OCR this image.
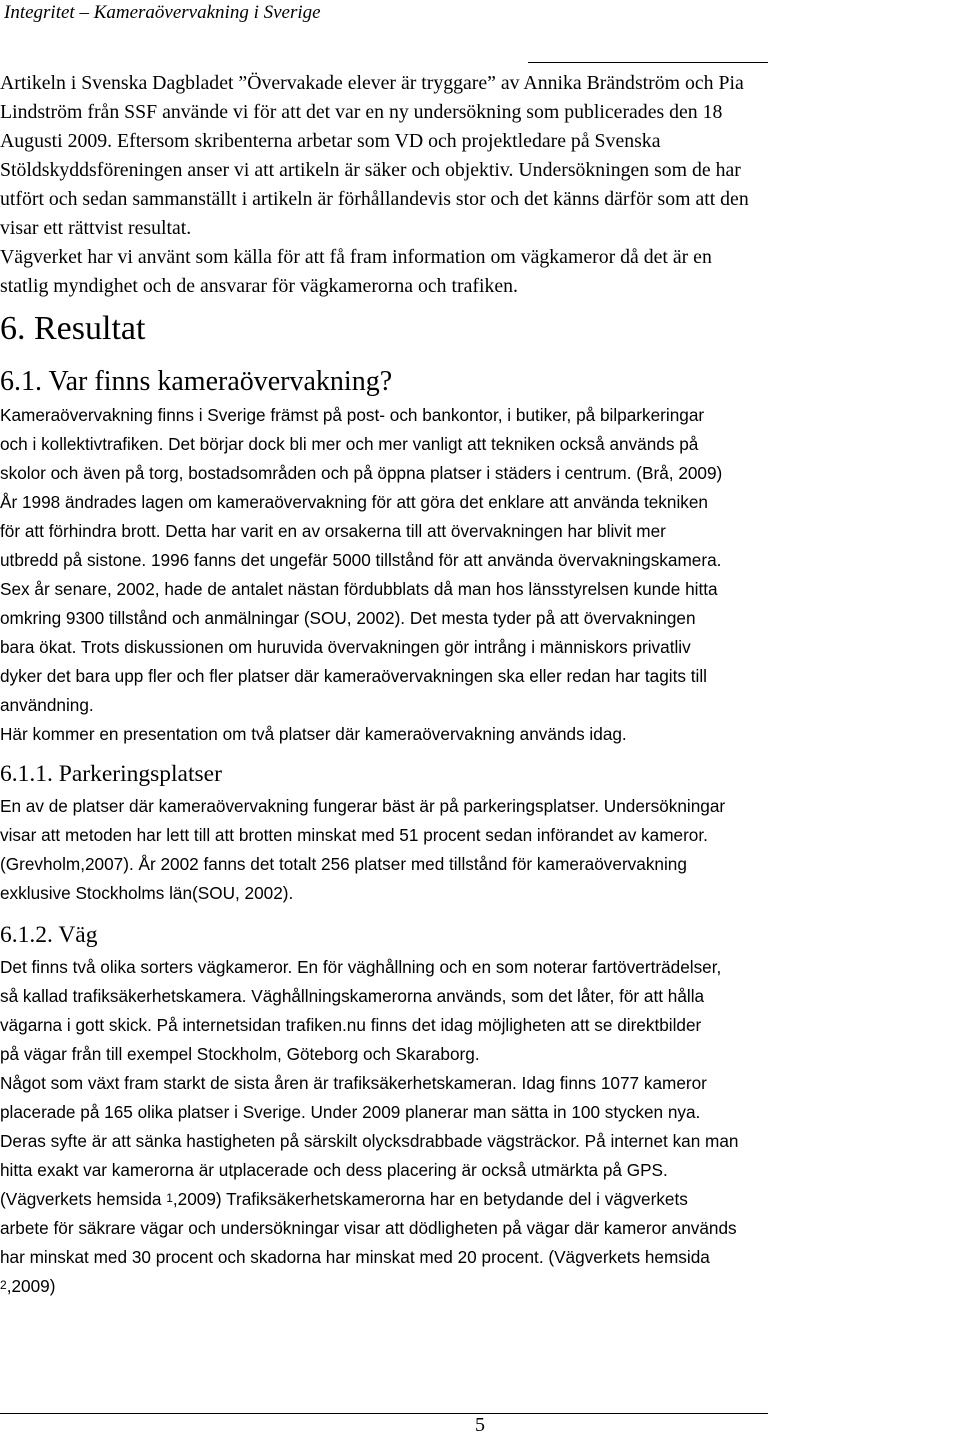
Integritet – Kameraövervakning i Sverige
Artikeln i Svenska Dagbladet ”Övervakade elever är tryggare” av Annika Brändström och Pia
Lindström från SSF använde vi för att det var en ny undersökning som publicerades den 18
Augusti 2009. Eftersom skribenterna arbetar som VD och projektledare på Svenska
Stöldskyddsföreningen anser vi att artikeln är säker och objektiv. Undersökningen som de har
utfört och sedan sammanställt i artikeln är förhållandevis stor och det känns därför som att den
visar ett rättvist resultat.
Vägverket har vi använt som källa för att få fram information om vägkameror då det är en
statlig myndighet och de ansvarar för vägkamerorna och trafiken.
6. Resultat
6.1. Var finns kameraövervakning?
Kameraövervakning finns i Sverige främst på post- och bankontor, i butiker, på bilparkeringar
och i kollektivtrafiken. Det börjar dock bli mer och mer vanligt att tekniken också används på
skolor och även på torg, bostadsområden och på öppna platser i städers i centrum. (Brå, 2009)
År 1998 ändrades lagen om kameraövervakning för att göra det enklare att använda tekniken
för att förhindra brott. Detta har varit en av orsakerna till att övervakningen har blivit mer
utbredd på sistone. 1996 fanns det ungefär 5000 tillstånd för att använda övervakningskamera.
Sex år senare, 2002, hade de antalet nästan fördubblats då man hos länsstyrelsen kunde hitta
omkring 9300 tillstånd och anmälningar (SOU, 2002). Det mesta tyder på att övervakningen
bara ökat. Trots diskussionen om huruvida övervakningen gör intrång i människors privatliv
dyker det bara upp fler och fler platser där kameraövervakningen ska eller redan har tagits till
användning.
Här kommer en presentation om två platser där kameraövervakning används idag.
6.1.1. Parkeringsplatser
En av de platser där kameraövervakning fungerar bäst är på parkeringsplatser. Undersökningar
visar att metoden har lett till att brotten minskat med 51 procent sedan införandet av kameror.
(Grevholm,2007). År 2002 fanns det totalt 256 platser med tillstånd för kameraövervakning
exklusive Stockholms län(SOU, 2002).
6.1.2. Väg
Det finns två olika sorters vägkameror. En för väghållning och en som noterar fartöverträdelser,
så kallad trafiksäkerhetskamera. Väghållningskamerorna används, som det låter, för att hålla
vägarna i gott skick. På internetsidan trafiken.nu finns det idag möjligheten att se direktbilder
på vägar från till exempel Stockholm, Göteborg och Skaraborg.
Något som växt fram starkt de sista åren är trafiksäkerhetskameran. Idag finns 1077 kameror
placerade på 165 olika platser i Sverige. Under 2009 planerar man sätta in 100 stycken nya.
Deras syfte är att sänka hastigheten på särskilt olycksdrabbade vägsträckor. På internet kan man
hitta exakt var kamerorna är utplacerade och dess placering är också utmärkta på GPS.
(Vägverkets hemsida $^1$,2009) Trafiksäkerhetskamerorna har en betydande del i vägverkets
arbete för säkrare vägar och undersökningar visar att dödligheten på vägar där kameror används
har minskat med 30 procent och skadorna har minskat med 20 procent. (Vägverkets hemsida
$^2$,2009)
5
